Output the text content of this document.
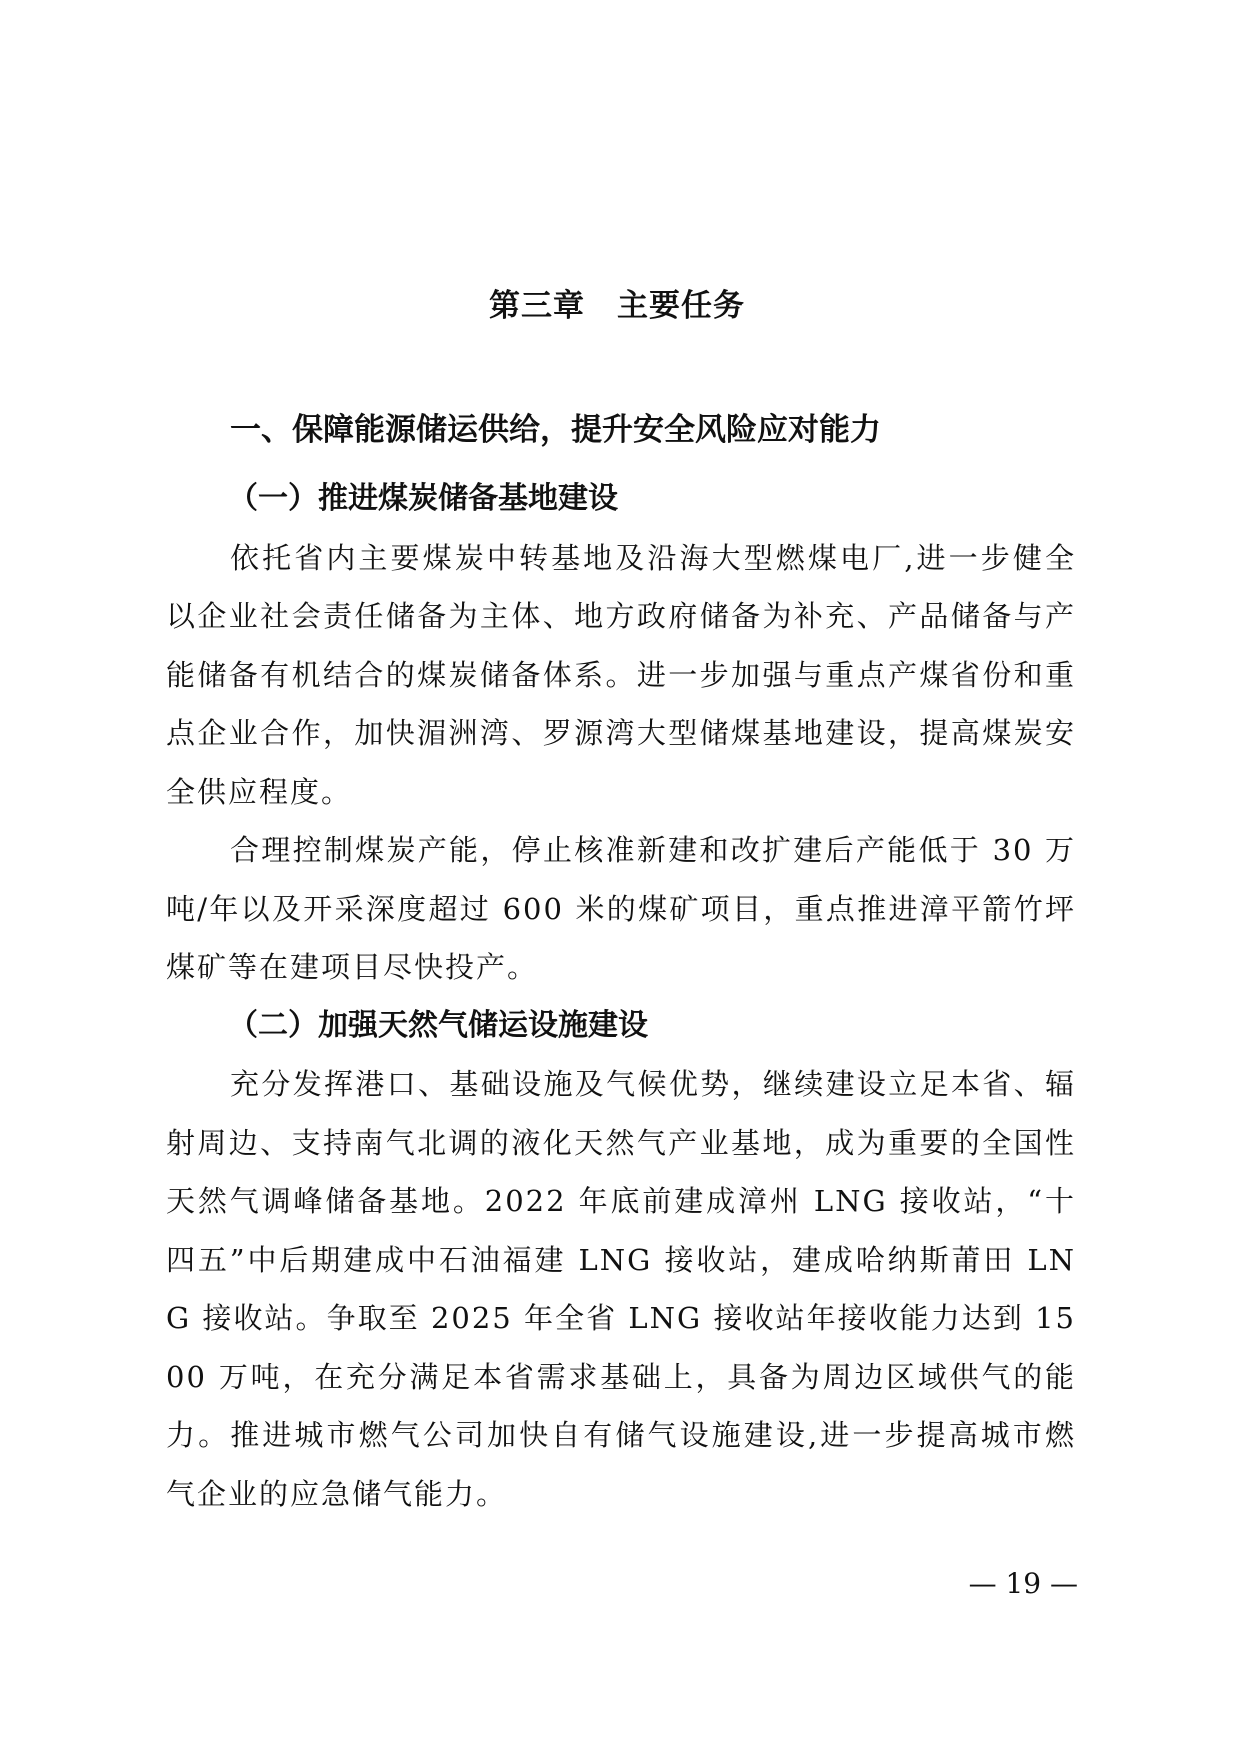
第三章　主要任务
一、保障能源储运供给，提升安全风险应对能力

（一）推进煤炭储备基地建设

依托省内主要煤炭中转基地及沿海大型燃煤电厂,进一步健全以企业社会责任储备为主体、地方政府储备为补充、产品储备与产能储备有机结合的煤炭储备体系。进一步加强与重点产煤省份和重点企业合作，加快湄洲湾、罗源湾大型储煤基地建设，提高煤炭安全供应程度。

合理控制煤炭产能，停止核准新建和改扩建后产能低于 30 万吨/年以及开采深度超过 600 米的煤矿项目，重点推进漳平箭竹坪煤矿等在建项目尽快投产。

（二）加强天然气储运设施建设

充分发挥港口、基础设施及气候优势，继续建设立足本省、辐射周边、支持南气北调的液化天然气产业基地，成为重要的全国性天然气调峰储备基地。2022 年底前建成漳州 LNG 接收站，“十四五”中后期建成中石油福建 LNG 接收站，建成哈纳斯莆田 LNG 接收站。争取至 2025 年全省 LNG 接收站年接收能力达到 1500 万吨，在充分满足本省需求基础上，具备为周边区域供气的能力。推进城市燃气公司加快自有储气设施建设,进一步提高城市燃气企业的应急储气能力。

— 19 —
